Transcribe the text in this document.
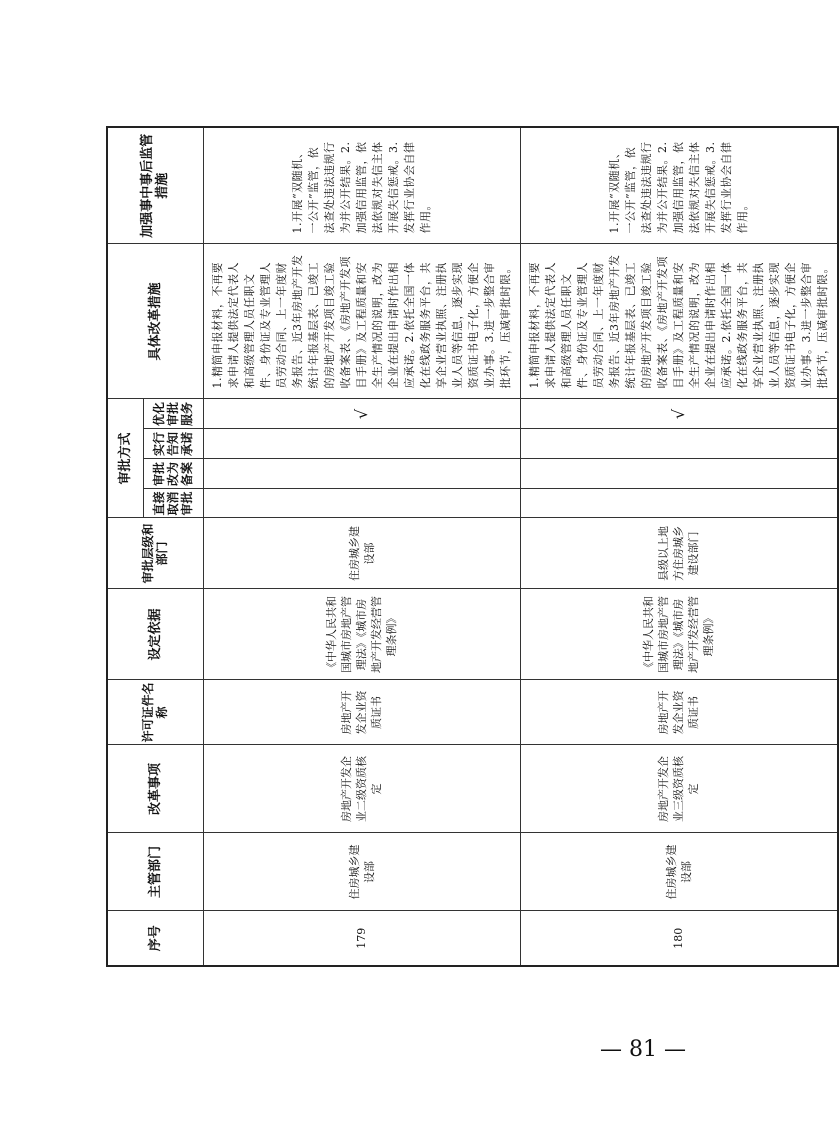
序号	主管部门	改革事项	许可证件名称	设定依据	审批层级和部门	审批方式				具体改革措施	加强事中事后监管措施
						直接取消审批	审批改为备案	实行告知承诺	优化审批服务		
179	住房城乡建设部	房地产开发企业二级资质核定	房地产开发企业资质证书	《中华人民共和国城市房地产管理法》《城市房地产开发经营管理条例》	住房城乡建设部				√	1.精简申报材料，不再要求申请人提供法定代表人和高级管理人员任职文件、身份证及专业管理人员劳动合同、上一年度财务报告、近3年房地产开发统计年报基层表、已竣工的房地产开发项目竣工验收备案表、《房地产开发项目手册》及工程质量和安全生产情况的说明，改为企业在提出申请时作出相应承诺。2.依托全国一体化在线政务服务平台，共享企业营业执照、注册执业人员等信息，逐步实现资质证书电子化，方便企业办事。3.进一步整合审批环节，压减审批时限。	1.开展“双随机、一公开”监管，依法查处违法违规行为并公开结果。2.加强信用监管，依法依规对失信主体开展失信惩戒。3.发挥行业协会自律作用。
180	住房城乡建设部	房地产开发企业三级资质核定	房地产开发企业资质证书	《中华人民共和国城市房地产管理法》《城市房地产开发经营管理条例》	县级以上地方住房城乡建设部门				√	1.精简申报材料，不再要求申请人提供法定代表人和高级管理人员任职文件、身份证及专业管理人员劳动合同、上一年度财务报告、近3年房地产开发统计年报基层表、已竣工的房地产开发项目竣工验收备案表、《房地产开发项目手册》及工程质量和安全生产情况的说明，改为企业在提出申请时作出相应承诺。2.依托全国一体化在线政务服务平台，共享企业营业执照、注册执业人员等信息，逐步实现资质证书电子化，方便企业办事。3.进一步整合审批环节，压减审批时限。	1.开展“双随机、一公开”监管，依法查处违法违规行为并公开结果。2.加强信用监管，依法依规对失信主体开展失信惩戒。3.发挥行业协会自律作用。
— 81 —
